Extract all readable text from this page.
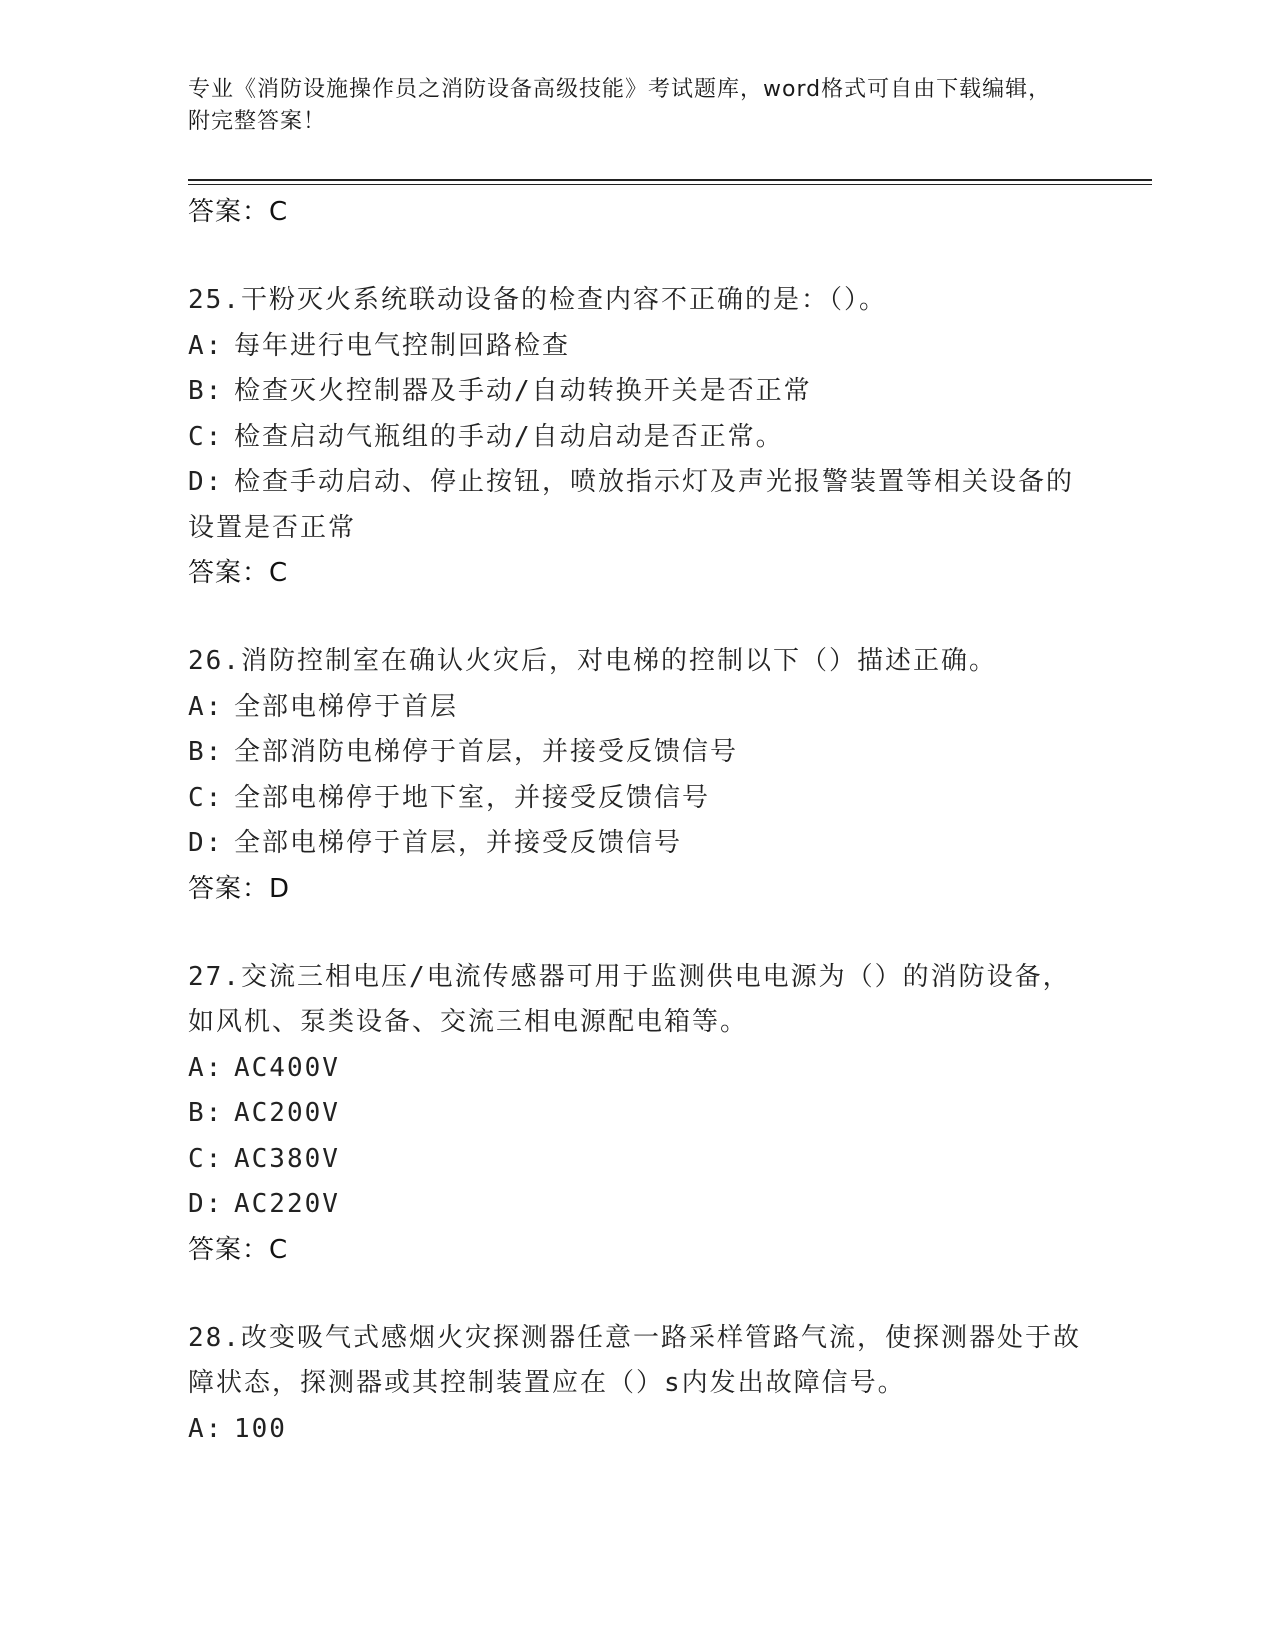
专业《消防设施操作员之消防设备高级技能》考试题库，word格式可自由下载编辑，附完整答案！
答案：C
25.干粉灭火系统联动设备的检查内容不正确的是：（）。
A: 每年进行电气控制回路检查
B: 检查灭火控制器及手动/自动转换开关是否正常
C: 检查启动气瓶组的手动/自动启动是否正常。
D: 检查手动启动、停止按钮，喷放指示灯及声光报警装置等相关设备的设置是否正常
答案：C
26.消防控制室在确认火灾后，对电梯的控制以下（）描述正确。
A: 全部电梯停于首层
B: 全部消防电梯停于首层，并接受反馈信号
C: 全部电梯停于地下室，并接受反馈信号
D: 全部电梯停于首层，并接受反馈信号
答案：D
27.交流三相电压/电流传感器可用于监测供电电源为（）的消防设备，如风机、泵类设备、交流三相电源配电箱等。
A: AC400V
B: AC200V
C: AC380V
D: AC220V
答案：C
28.改变吸气式感烟火灾探测器任意一路采样管路气流，使探测器处于故障状态，探测器或其控制装置应在（）s内发出故障信号。
A: 100
